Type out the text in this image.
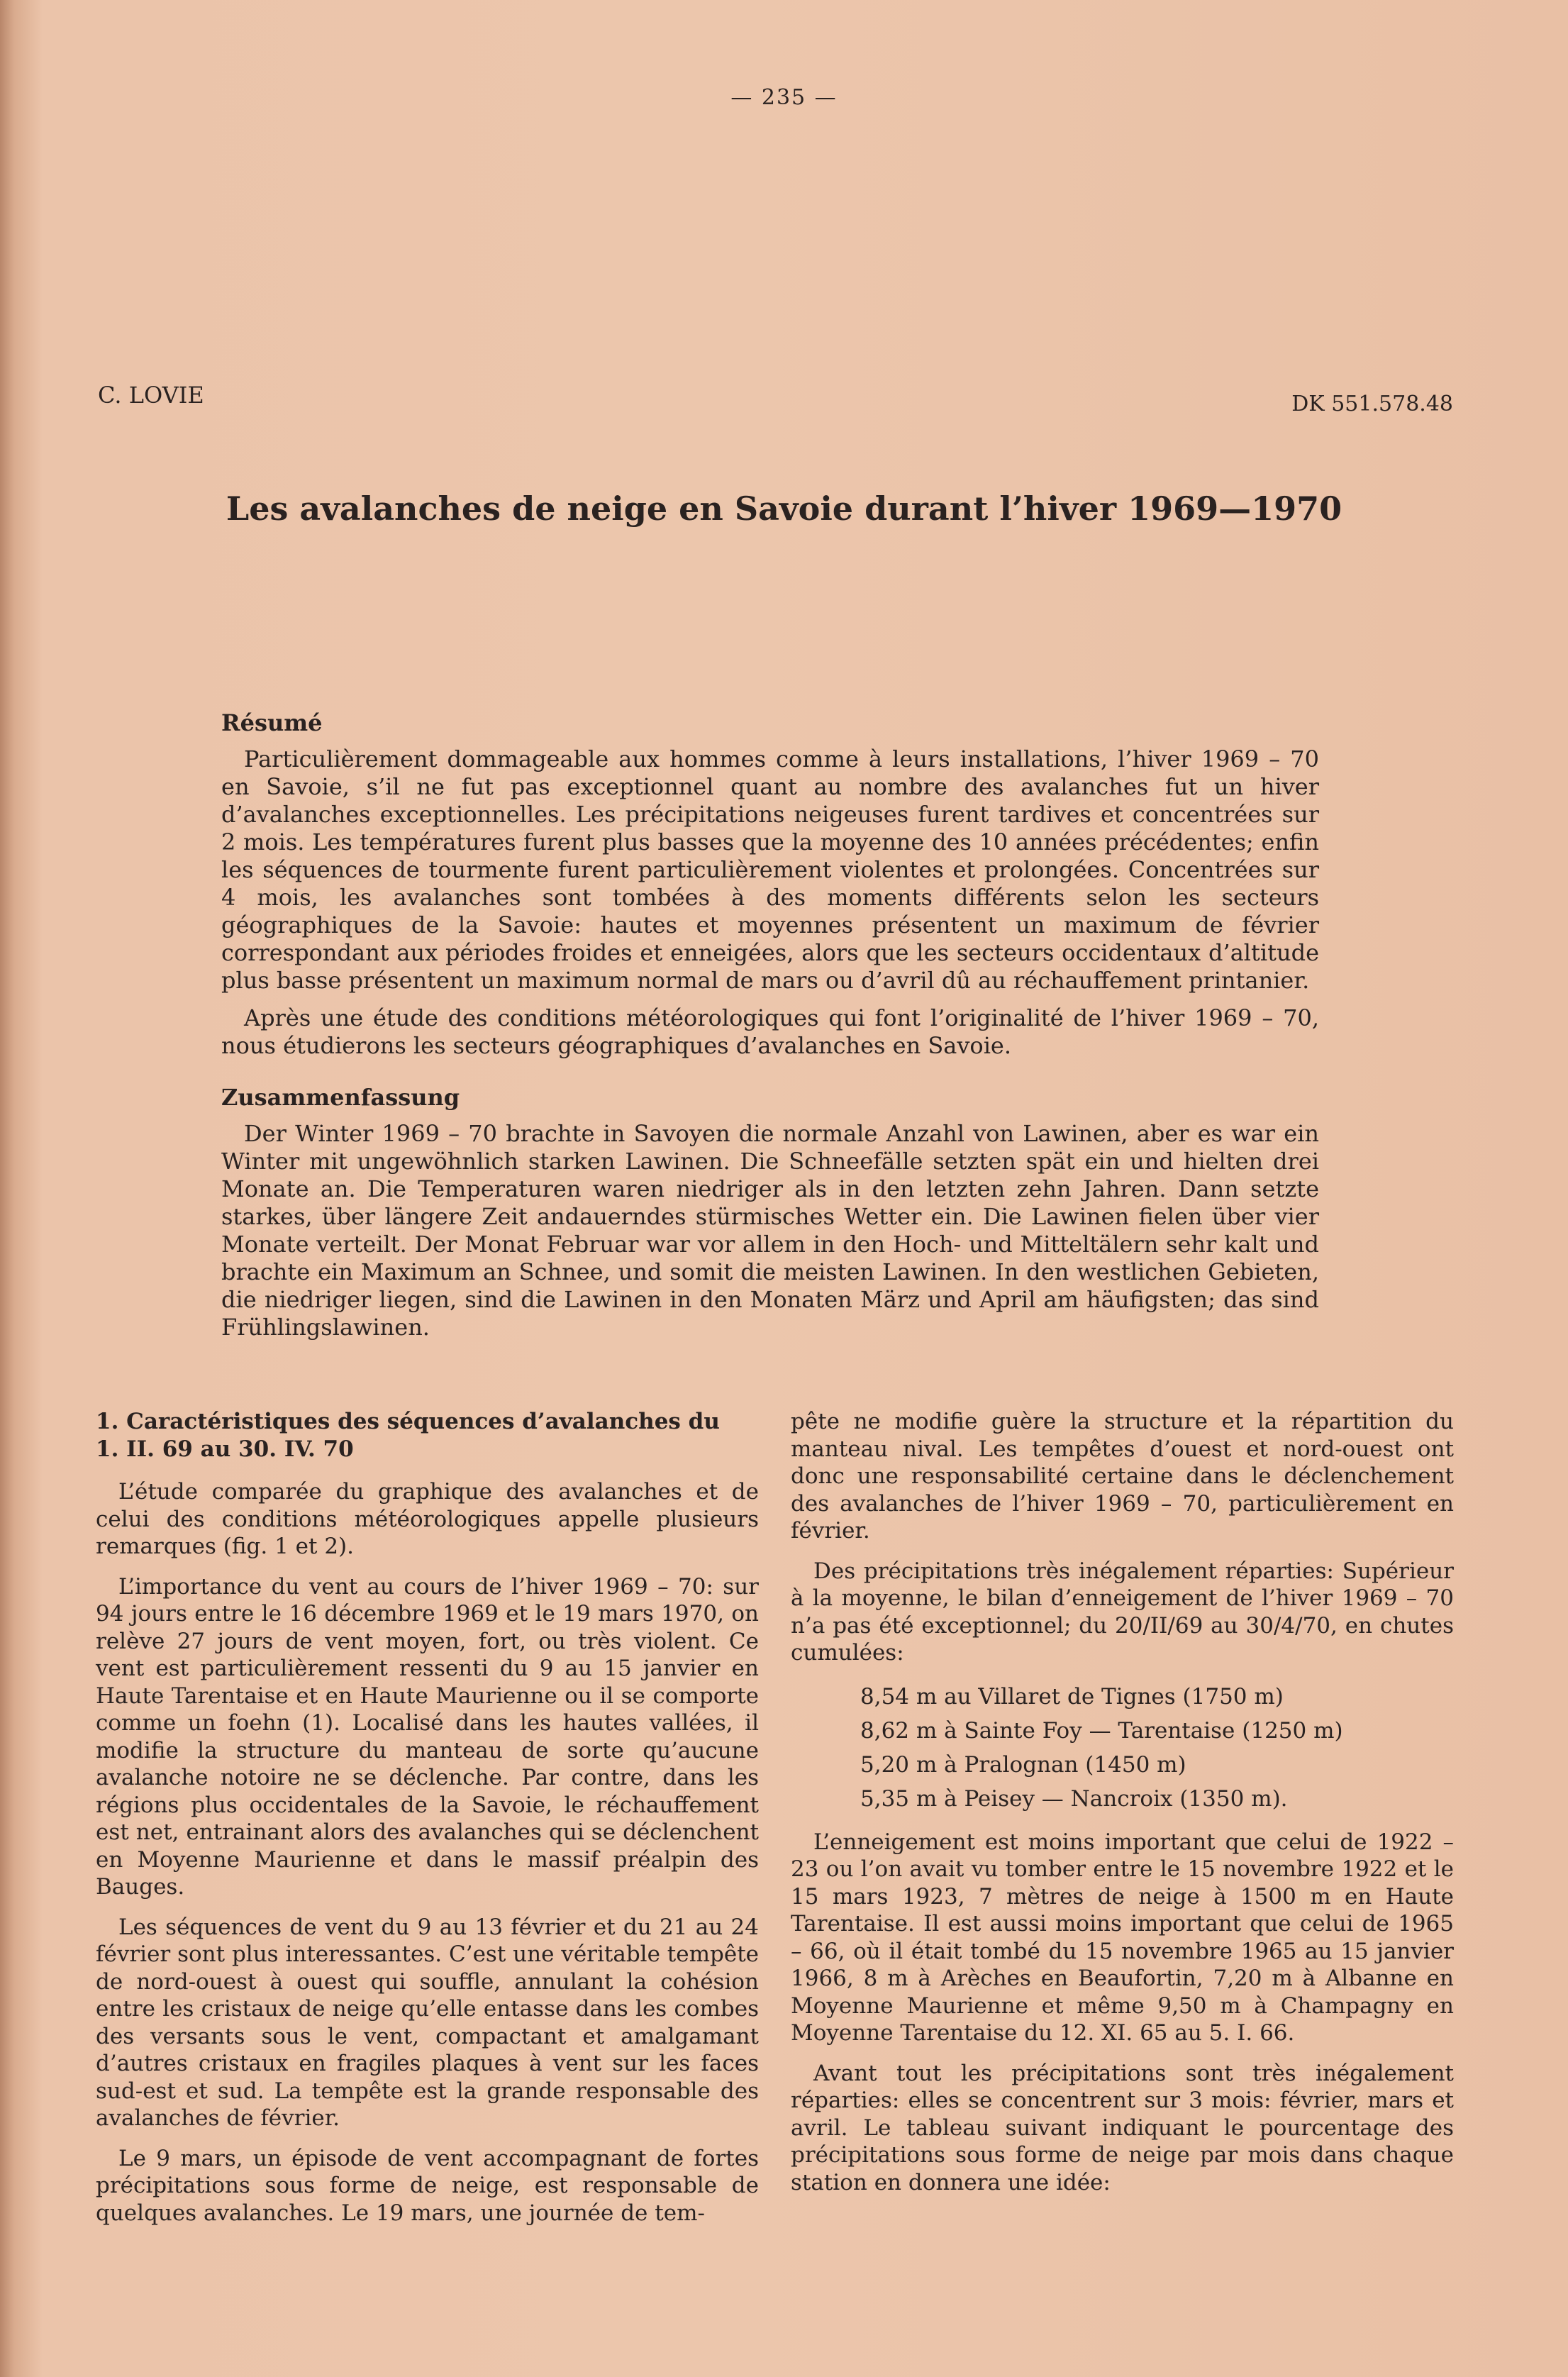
— 235 —
C. LOVIE	DK 551.578.48
Les avalanches de neige en Savoie durant l’hiver 1969—1970
Résumé

Particulièrement dommageable aux hommes comme à leurs installations, l’hiver 1969 – 70 en Savoie, s’il ne fut pas exceptionnel quant au nombre des avalanches fut un hiver d’avalanches exceptionnelles. Les précipitations neigeuses furent tardives et concentrées sur 2 mois. Les températures furent plus basses que la moyenne des 10 années précédentes; enfin les séquences de tourmente furent particulièrement violentes et prolongées. Concentrées sur 4 mois, les avalanches sont tombées à des moments différents selon les secteurs géographiques de la Savoie: hautes et moyennes présentent un maximum de février correspondant aux périodes froides et enneigées, alors que les secteurs occidentaux d’altitude plus basse présentent un maximum normal de mars ou d’avril dû au réchauffement printanier.

Après une étude des conditions météorologiques qui font l’originalité de l’hiver 1969 – 70, nous étudierons les secteurs géographiques d’avalanches en Savoie.

Zusammenfassung

Der Winter 1969 – 70 brachte in Savoyen die normale Anzahl von Lawinen, aber es war ein Winter mit ungewöhnlich starken Lawinen. Die Schneefälle setzten spät ein und hielten drei Monate an. Die Temperaturen waren niedriger als in den letzten zehn Jahren. Dann setzte starkes, über längere Zeit andauerndes stürmisches Wetter ein. Die Lawinen fielen über vier Monate verteilt. Der Monat Februar war vor allem in den Hoch- und Mitteltälern sehr kalt und brachte ein Maximum an Schnee, und somit die meisten Lawinen. In den westlichen Gebieten, die niedriger liegen, sind die Lawinen in den Monaten März und April am häufigsten; das sind Frühlingslawinen.

1. Caractéristiques des séquences d’avalanches du
1. II. 69 au 30. IV. 70

L’étude comparée du graphique des avalanches et de celui des conditions météorologiques appelle plusieurs remarques (fig. 1 et 2).

L’importance du vent au cours de l’hiver 1969 – 70: sur 94 jours entre le 16 décembre 1969 et le 19 mars 1970, on relève 27 jours de vent moyen, fort, ou très violent. Ce vent est particulièrement ressenti du 9 au 15 janvier en Haute Tarentaise et en Haute Maurienne ou il se comporte comme un foehn (1). Localisé dans les hautes vallées, il modifie la structure du manteau de sorte qu’aucune avalanche notoire ne se déclenche. Par contre, dans les régions plus occidentales de la Savoie, le réchauffement est net, entrainant alors des avalanches qui se déclenchent en Moyenne Maurienne et dans le massif préalpin des Bauges.

Les séquences de vent du 9 au 13 février et du 21 au 24 février sont plus interessantes. C’est une véritable tempête de nord-ouest à ouest qui souffle, annulant la cohésion entre les cristaux de neige qu’elle entasse dans les combes des versants sous le vent, compactant et amalgamant d’autres cristaux en fragiles plaques à vent sur les faces sud-est et sud. La tempête est la grande responsable des avalanches de février.

Le 9 mars, un épisode de vent accompagnant de fortes précipitations sous forme de neige, est responsable de quelques avalanches. Le 19 mars, une journée de tem-

pête ne modifie guère la structure et la répartition du manteau nival. Les tempêtes d’ouest et nord-ouest ont donc une responsabilité certaine dans le déclenchement des avalanches de l’hiver 1969 – 70, particulièrement en février.

Des précipitations très inégalement réparties: Supérieur à la moyenne, le bilan d’enneigement de l’hiver 1969 – 70 n’a pas été exceptionnel; du 20/II/69 au 30/4/70, en chutes cumulées:

8,54 m au Villaret de Tignes (1750 m)
8,62 m à Sainte Foy — Tarentaise (1250 m)
5,20 m à Pralognan (1450 m)
5,35 m à Peisey — Nancroix (1350 m).

L’enneigement est moins important que celui de 1922 – 23 ou l’on avait vu tomber entre le 15 novembre 1922 et le 15 mars 1923, 7 mètres de neige à 1500 m en Haute Tarentaise. Il est aussi moins important que celui de 1965 – 66, où il était tombé du 15 novembre 1965 au 15 janvier 1966, 8 m à Arèches en Beaufortin, 7,20 m à Albanne en Moyenne Maurienne et même 9,50 m à Champagny en Moyenne Tarentaise du 12. XI. 65 au 5. I. 66.

Avant tout les précipitations sont très inégalement réparties: elles se concentrent sur 3 mois: février, mars et avril. Le tableau suivant indiquant le pourcentage des précipitations sous forme de neige par mois dans chaque station en donnera une idée:
